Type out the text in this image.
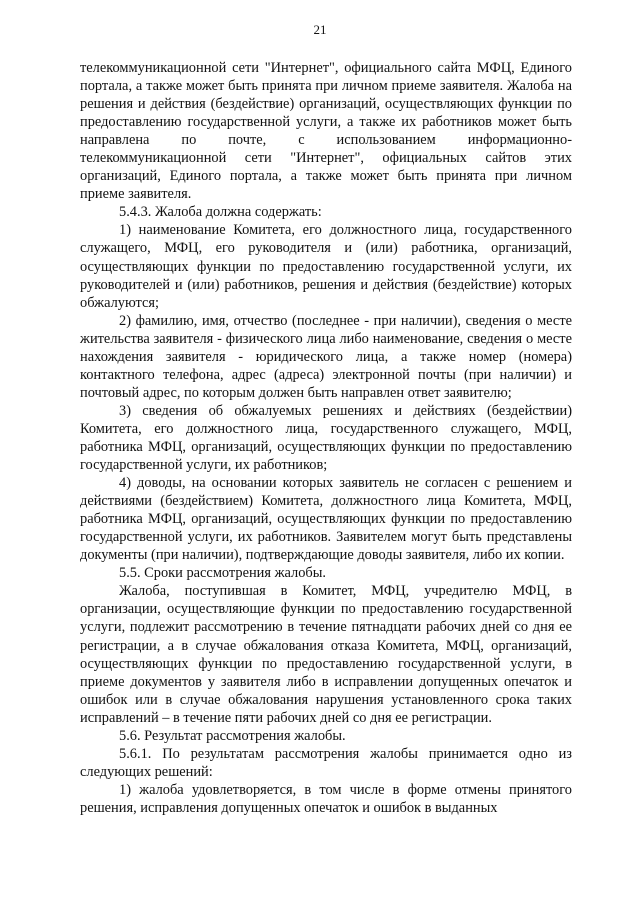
21

телекоммуникационной сети "Интернет", официального сайта МФЦ, Единого портала, а также может быть принята при личном приеме заявителя. Жалоба на решения и действия (бездействие) организаций, осуществляющих функции по предоставлению государственной услуги, а также их работников может быть направлена по почте, с использованием информационно-телекоммуникационной сети "Интернет", официальных сайтов этих организаций, Единого портала, а также может быть принята при личном приеме заявителя.

5.4.3. Жалоба должна содержать:

1) наименование Комитета, его должностного лица, государственного служащего, МФЦ, его руководителя и (или) работника, организаций, осуществляющих функции по предоставлению государственной услуги, их руководителей и (или) работников, решения и действия (бездействие) которых обжалуются;

2) фамилию, имя, отчество (последнее - при наличии), сведения о месте жительства заявителя - физического лица либо наименование, сведения о месте нахождения заявителя - юридического лица, а также номер (номера) контактного телефона, адрес (адреса) электронной почты (при наличии) и почтовый адрес, по которым должен быть направлен ответ заявителю;

3) сведения об обжалуемых решениях и действиях (бездействии) Комитета, его должностного лица, государственного служащего, МФЦ, работника МФЦ, организаций, осуществляющих функции по предоставлению государственной услуги, их работников;

4) доводы, на основании которых заявитель не согласен с решением и действиями (бездействием) Комитета, должностного лица Комитета, МФЦ, работника МФЦ, организаций, осуществляющих функции по предоставлению государственной услуги, их работников. Заявителем могут быть представлены документы (при наличии), подтверждающие доводы заявителя, либо их копии.

5.5. Сроки рассмотрения жалобы.

Жалоба, поступившая в Комитет, МФЦ, учредителю МФЦ, в организации, осуществляющие функции по предоставлению государственной услуги, подлежит рассмотрению в течение пятнадцати рабочих дней со дня ее регистрации, а в случае обжалования отказа Комитета, МФЦ, организаций, осуществляющих функции по предоставлению государственной услуги, в приеме документов у заявителя либо в исправлении допущенных опечаток и ошибок или в случае обжалования нарушения установленного срока таких исправлений – в течение пяти рабочих дней со дня ее регистрации.

5.6. Результат рассмотрения жалобы.

5.6.1. По результатам рассмотрения жалобы принимается одно из следующих решений:

1) жалоба удовлетворяется, в том числе в форме отмены принятого решения, исправления допущенных опечаток и ошибок в выданных
